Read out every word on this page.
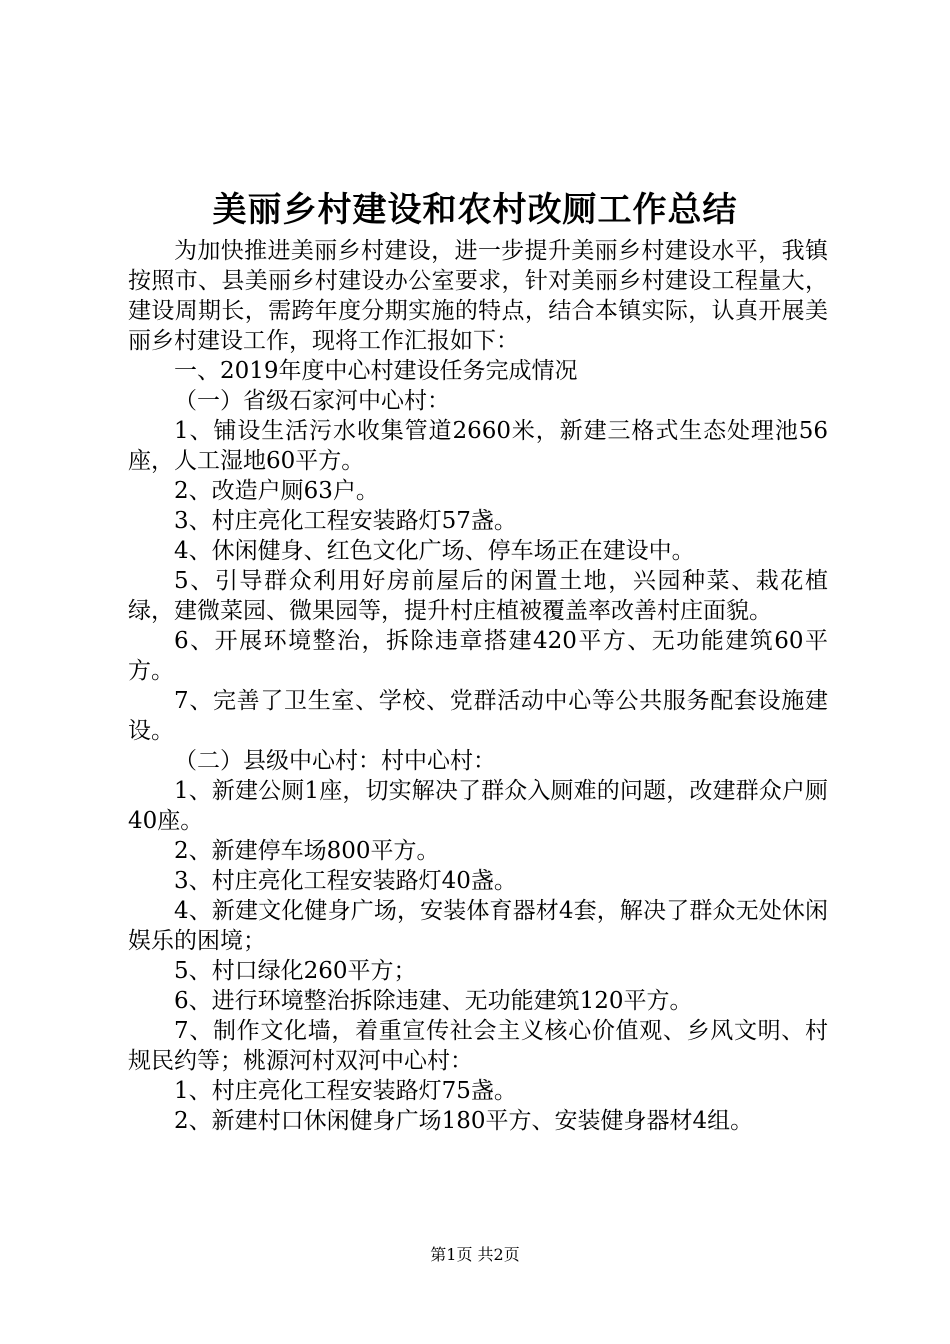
美丽乡村建设和农村改厕工作总结

为加快推进美丽乡村建设，进一步提升美丽乡村建设水平，我镇按照市、县美丽乡村建设办公室要求，针对美丽乡村建设工程量大，建设周期长，需跨年度分期实施的特点，结合本镇实际，认真开展美丽乡村建设工作，现将工作汇报如下：

一、2019年度中心村建设任务完成情况

（一）省级石家河中心村：

1、铺设生活污水收集管道2660米，新建三格式生态处理池56座，人工湿地60平方。

2、改造户厕63户。

3、村庄亮化工程安装路灯57盏。

4、休闲健身、红色文化广场、停车场正在建设中。

5、引导群众利用好房前屋后的闲置土地，兴园种菜、栽花植绿，建微菜园、微果园等，提升村庄植被覆盖率改善村庄面貌。

6、开展环境整治，拆除违章搭建420平方、无功能建筑60平方。

7、完善了卫生室、学校、党群活动中心等公共服务配套设施建设。

（二）县级中心村：村中心村：

1、新建公厕1座，切实解决了群众入厕难的问题，改建群众户厕40座。

2、新建停车场800平方。

3、村庄亮化工程安装路灯40盏。

4、新建文化健身广场，安装体育器材4套，解决了群众无处休闲娱乐的困境；

5、村口绿化260平方；

6、进行环境整治拆除违建、无功能建筑120平方。

7、制作文化墙，着重宣传社会主义核心价值观、乡风文明、村规民约等；桃源河村双河中心村：

1、村庄亮化工程安装路灯75盏。

2、新建村口休闲健身广场180平方、安装健身器材4组。

第1页 共2页
